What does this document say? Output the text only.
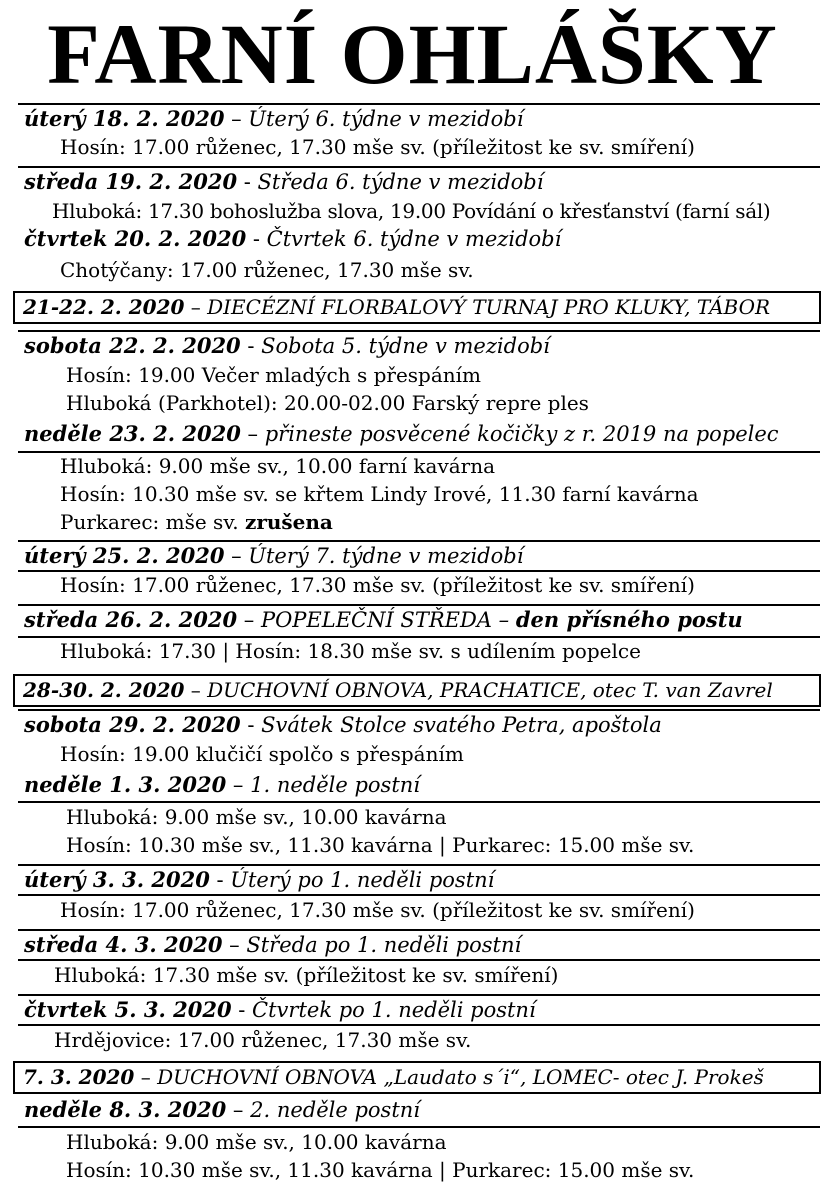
FARNÍ OHLÁŠKY
úterý 18. 2. 2020 – Úterý 6. týdne v mezidobí
Hosín: 17.00 růženec, 17.30 mše sv. (příležitost ke sv. smíření)
středa 19. 2. 2020 - Středa 6. týdne v mezidobí
Hluboká: 17.30 bohoslužba slova, 19.00 Povídání o křesťanství (farní sál)
čtvrtek 20. 2. 2020 - Čtvrtek 6. týdne v mezidobí
Chotýčany: 17.00 růženec, 17.30 mše sv.
21-22. 2. 2020 – DIECÉZNÍ FLORBALOVÝ TURNAJ PRO KLUKY, TÁBOR
sobota 22. 2. 2020 - Sobota 5. týdne v mezidobí
Hosín: 19.00 Večer mladých s přespáním
Hluboká (Parkhotel): 20.00-02.00 Farský repre ples
neděle 23. 2. 2020 – přineste posvěcené kočičky z r. 2019 na popelec
Hluboká: 9.00 mše sv., 10.00 farní kavárna
Hosín: 10.30 mše sv. se křtem Lindy Irové, 11.30 farní kavárna
Purkarec: mše sv. zrušena
úterý 25. 2. 2020 – Úterý 7. týdne v mezidobí
Hosín: 17.00 růženec, 17.30 mše sv. (příležitost ke sv. smíření)
středa 26. 2. 2020 – POPELEČNÍ STŘEDA – den přísného postu
Hluboká: 17.30 | Hosín: 18.30 mše sv. s udílením popelce
28-30. 2. 2020 – DUCHOVNÍ OBNOVA, PRACHATICE, otec T. van Zavrel
sobota 29. 2. 2020 - Svátek Stolce svatého Petra, apoštola
Hosín: 19.00 klučičí spolčo s přespáním
neděle 1. 3. 2020 – 1. neděle postní
Hluboká: 9.00 mše sv., 10.00 kavárna
Hosín: 10.30 mše sv., 11.30 kavárna | Purkarec: 15.00 mše sv.
úterý 3. 3. 2020 - Úterý po 1. neděli postní
Hosín: 17.00 růženec, 17.30 mše sv. (příležitost ke sv. smíření)
středa 4. 3. 2020 – Středa po 1. neděli postní
Hluboká: 17.30 mše sv. (příležitost ke sv. smíření)
čtvrtek 5. 3. 2020 - Čtvrtek po 1. neděli postní
Hrdějovice: 17.00 růženec, 17.30 mše sv.
7. 3. 2020 – DUCHOVNÍ OBNOVA „Laudato s´i“, LOMEC- otec J. Prokeš
neděle 8. 3. 2020 – 2. neděle postní
Hluboká: 9.00 mše sv., 10.00 kavárna
Hosín: 10.30 mše sv., 11.30 kavárna | Purkarec: 15.00 mše sv.
